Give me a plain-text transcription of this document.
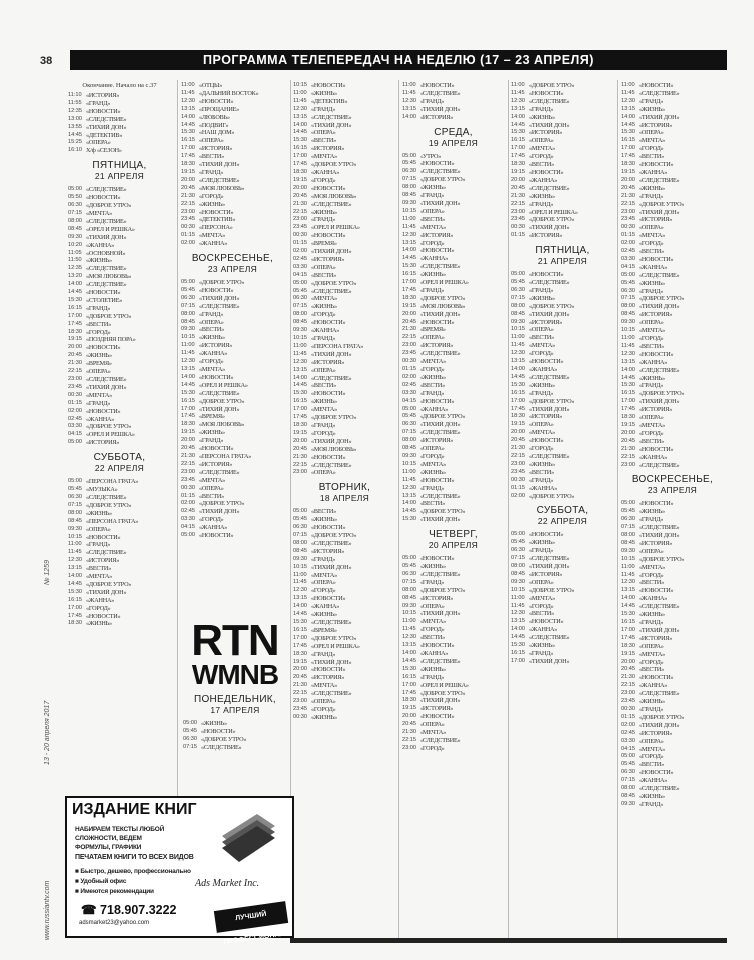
38	ПРОГРАММА ТЕЛЕПЕРЕДАЧ НА НЕДЕЛЮ (17 – 23 АПРЕЛЯ)
www.russiantv.com
13 - 20 апреля 2017
№ 1259
Окончание. Начало на с.37
11:10 «ИСТОРИЯ»
11:55 «ГРАНД»
12:35 «НОВОСТИ»
13:00 «СЛЕДСТВИЕ»
13:55 «ТИХИЙ ДОН»
14:45 «ДЕТЕКТИВ»
15:25 «ОПЕРА»
16:10 Х/ф «СЕЗОН»
ПЯТНИЦА,
21 АПРЕЛЯ
05:00 «СЛЕДСТВИЕ»
05:50 «НОВОСТИ»
06:30 «ДОБРОЕ УТРО»
07:15 «МЕЧТА»
08:00 «СЛЕДСТВИЕ»
08:45 «ОРЕЛ И РЕШКА»
09:30 «ТИХИЙ ДОН»
10:20 «ЖАННА»
11:05 «ОСНОВНОЙ»
11:50 «ЖИЗНЬ»
12:35 «СЛЕДСТВИЕ»
13:20 «МОЯ ЛЮБОВЬ»
14:00 «СЛЕДСТВИЕ»
14:45 «НОВОСТИ»
15:30 «СТОЛЕТИЕ»
16:15 «ГРАНД»
17:00 «ДОБРОЕ УТРО»
17:45 «ВЕСТИ»
18:30 «ГОРОД»
19:15 «ПОЗДНЯЯ ПОРА»
20:00 «НОВОСТИ»
20:45 «ЖИЗНЬ»
21:30 «ВРЕМЯ»
22:15 «ОПЕРА»
23:00 «СЛЕДСТВИЕ»
23:45 «ТИХИЙ ДОН»
00:30 «МЕЧТА»
01:15 «ГРАНД»
02:00 «НОВОСТИ»
02:45 «ЖАННА»
03:30 «ДОБРОЕ УТРО»
04:15 «ОРЕЛ И РЕШКА»
05:00 «ИСТОРИЯ»
СУББОТА,
22 АПРЕЛЯ
05:00 «ПЕРСОНА ГРАТА»
05:45 «МУЗЫКА»
06:30 «СЛЕДСТВИЕ»
07:15 «ДОБРОЕ УТРО»
08:00 «ЖИЗНЬ»
08:45 «ПЕРСОНА ГРАТА»
09:30 «ОПЕРА»
10:15 «НОВОСТИ»
11:00 «ГРАНД»
11:45 «СЛЕДСТВИЕ»
12:30 «ИСТОРИЯ»
13:15 «ВЕСТИ»
14:00 «МЕЧТА»
14:45 «ДОБРОЕ УТРО»
15:30 «ТИХИЙ ДОН»
16:15 «ЖАННА»
17:00 «ГОРОД»
17:45 «НОВОСТИ»
18:30 «ЖИЗНЬ»
11:00 «ОТЦЫ»
11:45 «ДАЛЬНИЙ ВОСТОК»
12:30 «НОВОСТИ»
13:15 «ПРОЩАНИЕ»
14:00 «ЛЮБОВЬ»
14:45 «ПОДВИГ»
15:30 «НАШ ДОМ»
16:15 «ОПЕРА»
17:00 «ИСТОРИЯ»
17:45 «ВЕСТИ»
18:30 «ТИХИЙ ДОН»
19:15 «ГРАНД»
20:00 «СЛЕДСТВИЕ»
20:45 «МОЯ ЛЮБОВЬ»
21:30 «ГОРОД»
22:15 «ЖИЗНЬ»
23:00 «НОВОСТИ»
23:45 «ДЕТЕКТИВ»
00:30 «ПЕРСОНА»
01:15 «МЕЧТА»
02:00 «ЖАННА»
ВОСКРЕСЕНЬЕ,
23 АПРЕЛЯ
05:00 «ДОБРОЕ УТРО»
05:45 «НОВОСТИ»
06:30 «ТИХИЙ ДОН»
07:15 «СЛЕДСТВИЕ»
08:00 «ГРАНД»
08:45 «ОПЕРА»
09:30 «ВЕСТИ»
10:15 «ЖИЗНЬ»
11:00 «ИСТОРИЯ»
11:45 «ЖАННА»
12:30 «ГОРОД»
13:15 «МЕЧТА»
14:00 «НОВОСТИ»
14:45 «ОРЕЛ И РЕШКА»
15:30 «СЛЕДСТВИЕ»
16:15 «ДОБРОЕ УТРО»
17:00 «ТИХИЙ ДОН»
17:45 «ВРЕМЯ»
18:30 «МОЯ ЛЮБОВЬ»
19:15 «ЖИЗНЬ»
20:00 «ГРАНД»
20:45 «НОВОСТИ»
21:30 «ПЕРСОНА ГРАТА»
22:15 «ИСТОРИЯ»
23:00 «СЛЕДСТВИЕ»
23:45 «МЕЧТА»
00:30 «ОПЕРА»
01:15 «ВЕСТИ»
02:00 «ДОБРОЕ УТРО»
02:45 «ТИХИЙ ДОН»
03:30 «ГОРОД»
04:15 «ЖАННА»
05:00 «НОВОСТИ»
RTN
WMNB
ПОНЕДЕЛЬНИК,
17 АПРЕЛЯ
05:00 «ЖИЗНЬ»
05:45 «НОВОСТИ»
06:30 «ДОБРОЕ УТРО»
07:15 «СЛЕДСТВИЕ»
ИЗДАНИЕ КНИГ
НАБИРАЕМ ТЕКСТЫ ЛЮБОЙ
СЛОЖНОСТИ, ВЕДЕМ
ФОРМУЛЫ, ГРАФИКИ
ПЕЧАТАЕМ КНИГИ ТО ВСЕХ ВИДОВ
■ Быстро, дешево, профессионально
■ Удобный офис
■ Имеются рекомендации
☎ 718.907.3222
adsmarket23@yahoo.com
Ads Market Inc.
ЛУЧШИЙ ПРОФЕССИОНАЛ
10:15 «НОВОСТИ»
11:00 «ЖИЗНЬ»
11:45 «ДЕТЕКТИВ»
12:30 «ГРАНД»
13:15 «СЛЕДСТВИЕ»
14:00 «ТИХИЙ ДОН»
14:45 «ОПЕРА»
15:30 «ВЕСТИ»
16:15 «ИСТОРИЯ»
17:00 «МЕЧТА»
17:45 «ДОБРОЕ УТРО»
18:30 «ЖАННА»
19:15 «ГОРОД»
20:00 «НОВОСТИ»
20:45 «МОЯ ЛЮБОВЬ»
21:30 «СЛЕДСТВИЕ»
22:15 «ЖИЗНЬ»
23:00 «ГРАНД»
23:45 «ОРЕЛ И РЕШКА»
00:30 «НОВОСТИ»
01:15 «ВРЕМЯ»
02:00 «ТИХИЙ ДОН»
02:45 «ИСТОРИЯ»
03:30 «ОПЕРА»
04:15 «ВЕСТИ»
05:00 «ДОБРОЕ УТРО»
05:45 «СЛЕДСТВИЕ»
06:30 «МЕЧТА»
07:15 «ЖИЗНЬ»
08:00 «ГОРОД»
08:45 «НОВОСТИ»
09:30 «ЖАННА»
10:15 «ГРАНД»
11:00 «ПЕРСОНА ГРАТА»
11:45 «ТИХИЙ ДОН»
12:30 «ИСТОРИЯ»
13:15 «ОПЕРА»
14:00 «СЛЕДСТВИЕ»
14:45 «ВЕСТИ»
15:30 «НОВОСТИ»
16:15 «ЖИЗНЬ»
17:00 «МЕЧТА»
17:45 «ДОБРОЕ УТРО»
18:30 «ГРАНД»
19:15 «ГОРОД»
20:00 «ТИХИЙ ДОН»
20:45 «МОЯ ЛЮБОВЬ»
21:30 «НОВОСТИ»
22:15 «СЛЕДСТВИЕ»
23:00 «ОПЕРА»
ВТОРНИК,
18 АПРЕЛЯ
05:00 «ВЕСТИ»
05:45 «ЖИЗНЬ»
06:30 «НОВОСТИ»
07:15 «ДОБРОЕ УТРО»
08:00 «СЛЕДСТВИЕ»
08:45 «ИСТОРИЯ»
09:30 «ГРАНД»
10:15 «ТИХИЙ ДОН»
11:00 «МЕЧТА»
11:45 «ОПЕРА»
12:30 «ГОРОД»
13:15 «НОВОСТИ»
14:00 «ЖАННА»
14:45 «ЖИЗНЬ»
15:30 «СЛЕДСТВИЕ»
16:15 «ВРЕМЯ»
17:00 «ДОБРОЕ УТРО»
17:45 «ОРЕЛ И РЕШКА»
18:30 «ГРАНД»
19:15 «ТИХИЙ ДОН»
20:00 «НОВОСТИ»
20:45 «ИСТОРИЯ»
21:30 «МЕЧТА»
22:15 «СЛЕДСТВИЕ»
23:00 «ОПЕРА»
23:45 «ГОРОД»
00:30 «ЖИЗНЬ»
11:00 «НОВОСТИ»
11:45 «СЛЕДСТВИЕ»
12:30 «ГРАНД»
13:15 «ТИХИЙ ДОН»
14:00 «ИСТОРИЯ»
СРЕДА,
19 АПРЕЛЯ
05:00 «УТРО»
05:45 «НОВОСТИ»
06:30 «СЛЕДСТВИЕ»
07:15 «ДОБРОЕ УТРО»
08:00 «ЖИЗНЬ»
08:45 «ГРАНД»
09:30 «ТИХИЙ ДОН»
10:15 «ОПЕРА»
11:00 «ВЕСТИ»
11:45 «МЕЧТА»
12:30 «ИСТОРИЯ»
13:15 «ГОРОД»
14:00 «НОВОСТИ»
14:45 «ЖАННА»
15:30 «СЛЕДСТВИЕ»
16:15 «ЖИЗНЬ»
17:00 «ОРЕЛ И РЕШКА»
17:45 «ГРАНД»
18:30 «ДОБРОЕ УТРО»
19:15 «МОЯ ЛЮБОВЬ»
20:00 «ТИХИЙ ДОН»
20:45 «НОВОСТИ»
21:30 «ВРЕМЯ»
22:15 «ОПЕРА»
23:00 «ИСТОРИЯ»
23:45 «СЛЕДСТВИЕ»
00:30 «МЕЧТА»
01:15 «ГОРОД»
02:00 «ЖИЗНЬ»
02:45 «ВЕСТИ»
03:30 «ГРАНД»
04:15 «НОВОСТИ»
05:00 «ЖАННА»
05:45 «ДОБРОЕ УТРО»
06:30 «ТИХИЙ ДОН»
07:15 «СЛЕДСТВИЕ»
08:00 «ИСТОРИЯ»
08:45 «ОПЕРА»
09:30 «ГОРОД»
10:15 «МЕЧТА»
11:00 «ЖИЗНЬ»
11:45 «НОВОСТИ»
12:30 «ГРАНД»
13:15 «СЛЕДСТВИЕ»
14:00 «ВЕСТИ»
14:45 «ДОБРОЕ УТРО»
15:30 «ТИХИЙ ДОН»
ЧЕТВЕРГ,
20 АПРЕЛЯ
05:00 «НОВОСТИ»
05:45 «ЖИЗНЬ»
06:30 «СЛЕДСТВИЕ»
07:15 «ГРАНД»
08:00 «ДОБРОЕ УТРО»
08:45 «ИСТОРИЯ»
09:30 «ОПЕРА»
10:15 «ТИХИЙ ДОН»
11:00 «МЕЧТА»
11:45 «ГОРОД»
12:30 «ВЕСТИ»
13:15 «НОВОСТИ»
14:00 «ЖАННА»
14:45 «СЛЕДСТВИЕ»
15:30 «ЖИЗНЬ»
16:15 «ГРАНД»
17:00 «ОРЕЛ И РЕШКА»
17:45 «ДОБРОЕ УТРО»
18:30 «ТИХИЙ ДОН»
19:15 «ИСТОРИЯ»
20:00 «НОВОСТИ»
20:45 «ОПЕРА»
21:30 «МЕЧТА»
22:15 «СЛЕДСТВИЕ»
23:00 «ГОРОД»
11:00 «ДОБРОЕ УТРО»
11:45 «НОВОСТИ»
12:30 «СЛЕДСТВИЕ»
13:15 «ГРАНД»
14:00 «ЖИЗНЬ»
14:45 «ТИХИЙ ДОН»
15:30 «ИСТОРИЯ»
16:15 «ОПЕРА»
17:00 «МЕЧТА»
17:45 «ГОРОД»
18:30 «ВЕСТИ»
19:15 «НОВОСТИ»
20:00 «ЖАННА»
20:45 «СЛЕДСТВИЕ»
21:30 «ЖИЗНЬ»
22:15 «ГРАНД»
23:00 «ОРЕЛ И РЕШКА»
23:45 «ДОБРОЕ УТРО»
00:30 «ТИХИЙ ДОН»
01:15 «ИСТОРИЯ»
ПЯТНИЦА,
21 АПРЕЛЯ
05:00 «НОВОСТИ»
05:45 «СЛЕДСТВИЕ»
06:30 «ГРАНД»
07:15 «ЖИЗНЬ»
08:00 «ДОБРОЕ УТРО»
08:45 «ТИХИЙ ДОН»
09:30 «ИСТОРИЯ»
10:15 «ОПЕРА»
11:00 «ВЕСТИ»
11:45 «МЕЧТА»
12:30 «ГОРОД»
13:15 «НОВОСТИ»
14:00 «ЖАННА»
14:45 «СЛЕДСТВИЕ»
15:30 «ЖИЗНЬ»
16:15 «ГРАНД»
17:00 «ДОБРОЕ УТРО»
17:45 «ТИХИЙ ДОН»
18:30 «ИСТОРИЯ»
19:15 «ОПЕРА»
20:00 «МЕЧТА»
20:45 «НОВОСТИ»
21:30 «ГОРОД»
22:15 «СЛЕДСТВИЕ»
23:00 «ЖИЗНЬ»
23:45 «ВЕСТИ»
00:30 «ГРАНД»
01:15 «ЖАННА»
02:00 «ДОБРОЕ УТРО»
СУББОТА,
22 АПРЕЛЯ
05:00 «НОВОСТИ»
05:45 «ЖИЗНЬ»
06:30 «ГРАНД»
07:15 «СЛЕДСТВИЕ»
08:00 «ТИХИЙ ДОН»
08:45 «ИСТОРИЯ»
09:30 «ОПЕРА»
10:15 «ДОБРОЕ УТРО»
11:00 «МЕЧТА»
11:45 «ГОРОД»
12:30 «ВЕСТИ»
13:15 «НОВОСТИ»
14:00 «ЖАННА»
14:45 «СЛЕДСТВИЕ»
15:30 «ЖИЗНЬ»
16:15 «ГРАНД»
17:00 «ТИХИЙ ДОН»
11:00 «НОВОСТИ»
11:45 «СЛЕДСТВИЕ»
12:30 «ГРАНД»
13:15 «ЖИЗНЬ»
14:00 «ТИХИЙ ДОН»
14:45 «ИСТОРИЯ»
15:30 «ОПЕРА»
16:15 «МЕЧТА»
17:00 «ГОРОД»
17:45 «ВЕСТИ»
18:30 «НОВОСТИ»
19:15 «ЖАННА»
20:00 «СЛЕДСТВИЕ»
20:45 «ЖИЗНЬ»
21:30 «ГРАНД»
22:15 «ДОБРОЕ УТРО»
23:00 «ТИХИЙ ДОН»
23:45 «ИСТОРИЯ»
00:30 «ОПЕРА»
01:15 «МЕЧТА»
02:00 «ГОРОД»
02:45 «ВЕСТИ»
03:30 «НОВОСТИ»
04:15 «ЖАННА»
05:00 «СЛЕДСТВИЕ»
05:45 «ЖИЗНЬ»
06:30 «ГРАНД»
07:15 «ДОБРОЕ УТРО»
08:00 «ТИХИЙ ДОН»
08:45 «ИСТОРИЯ»
09:30 «ОПЕРА»
10:15 «МЕЧТА»
11:00 «ГОРОД»
11:45 «ВЕСТИ»
12:30 «НОВОСТИ»
13:15 «ЖАННА»
14:00 «СЛЕДСТВИЕ»
14:45 «ЖИЗНЬ»
15:30 «ГРАНД»
16:15 «ДОБРОЕ УТРО»
17:00 «ТИХИЙ ДОН»
17:45 «ИСТОРИЯ»
18:30 «ОПЕРА»
19:15 «МЕЧТА»
20:00 «ГОРОД»
20:45 «ВЕСТИ»
21:30 «НОВОСТИ»
22:15 «ЖАННА»
23:00 «СЛЕДСТВИЕ»
ВОСКРЕСЕНЬЕ,
23 АПРЕЛЯ
05:00 «НОВОСТИ»
05:45 «ЖИЗНЬ»
06:30 «ГРАНД»
07:15 «СЛЕДСТВИЕ»
08:00 «ТИХИЙ ДОН»
08:45 «ИСТОРИЯ»
09:30 «ОПЕРА»
10:15 «ДОБРОЕ УТРО»
11:00 «МЕЧТА»
11:45 «ГОРОД»
12:30 «ВЕСТИ»
13:15 «НОВОСТИ»
14:00 «ЖАННА»
14:45 «СЛЕДСТВИЕ»
15:30 «ЖИЗНЬ»
16:15 «ГРАНД»
17:00 «ТИХИЙ ДОН»
17:45 «ИСТОРИЯ»
18:30 «ОПЕРА»
19:15 «МЕЧТА»
20:00 «ГОРОД»
20:45 «ВЕСТИ»
21:30 «НОВОСТИ»
22:15 «ЖАННА»
23:00 «СЛЕДСТВИЕ»
23:45 «ЖИЗНЬ»
00:30 «ГРАНД»
01:15 «ДОБРОЕ УТРО»
02:00 «ТИХИЙ ДОН»
02:45 «ИСТОРИЯ»
03:30 «ОПЕРА»
04:15 «МЕЧТА»
05:00 «ГОРОД»
05:45 «ВЕСТИ»
06:30 «НОВОСТИ»
07:15 «ЖАННА»
08:00 «СЛЕДСТВИЕ»
08:45 «ЖИЗНЬ»
09:30 «ГРАНД»
